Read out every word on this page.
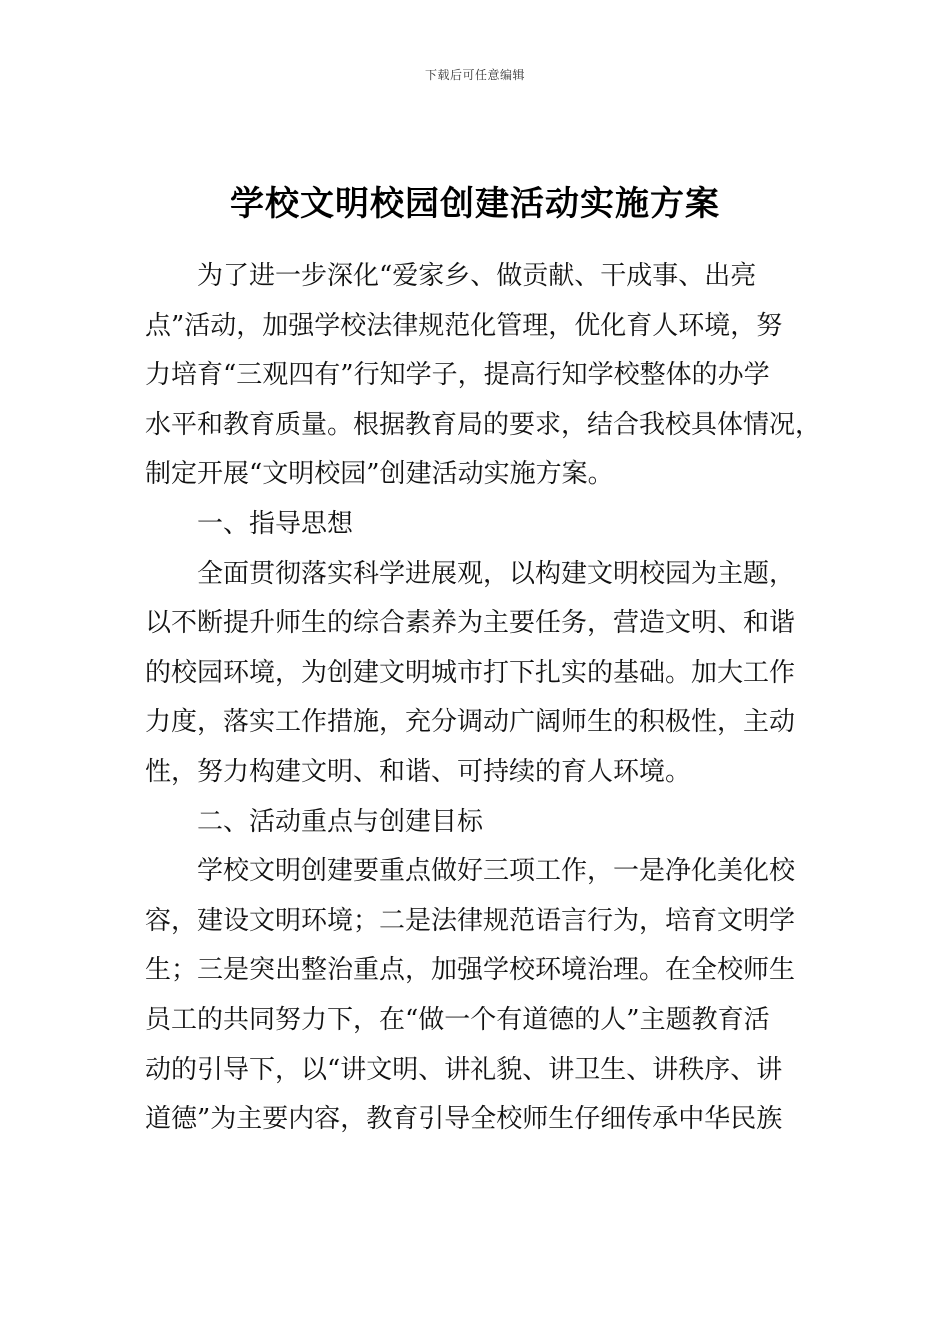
下载后可任意编辑
学校文明校园创建活动实施方案
为了进一步深化“爱家乡、做贡献、干成事、出亮
点”活动，加强学校法律规范化管理，优化育人环境，努
力培育“三观四有”行知学子，提高行知学校整体的办学
水平和教育质量。根据教育局的要求，结合我校具体情况，
制定开展“文明校园”创建活动实施方案。
一、指导思想
全面贯彻落实科学进展观，以构建文明校园为主题，
以不断提升师生的综合素养为主要任务，营造文明、和谐
的校园环境，为创建文明城市打下扎实的基础。加大工作
力度，落实工作措施，充分调动广阔师生的积极性，主动
性，努力构建文明、和谐、可持续的育人环境。
二、活动重点与创建目标
学校文明创建要重点做好三项工作，一是净化美化校
容，建设文明环境；二是法律规范语言行为，培育文明学
生；三是突出整治重点，加强学校环境治理。在全校师生
员工的共同努力下，在“做一个有道德的人”主题教育活
动的引导下，以“讲文明、讲礼貌、讲卫生、讲秩序、讲
道德”为主要内容，教育引导全校师生仔细传承中华民族
